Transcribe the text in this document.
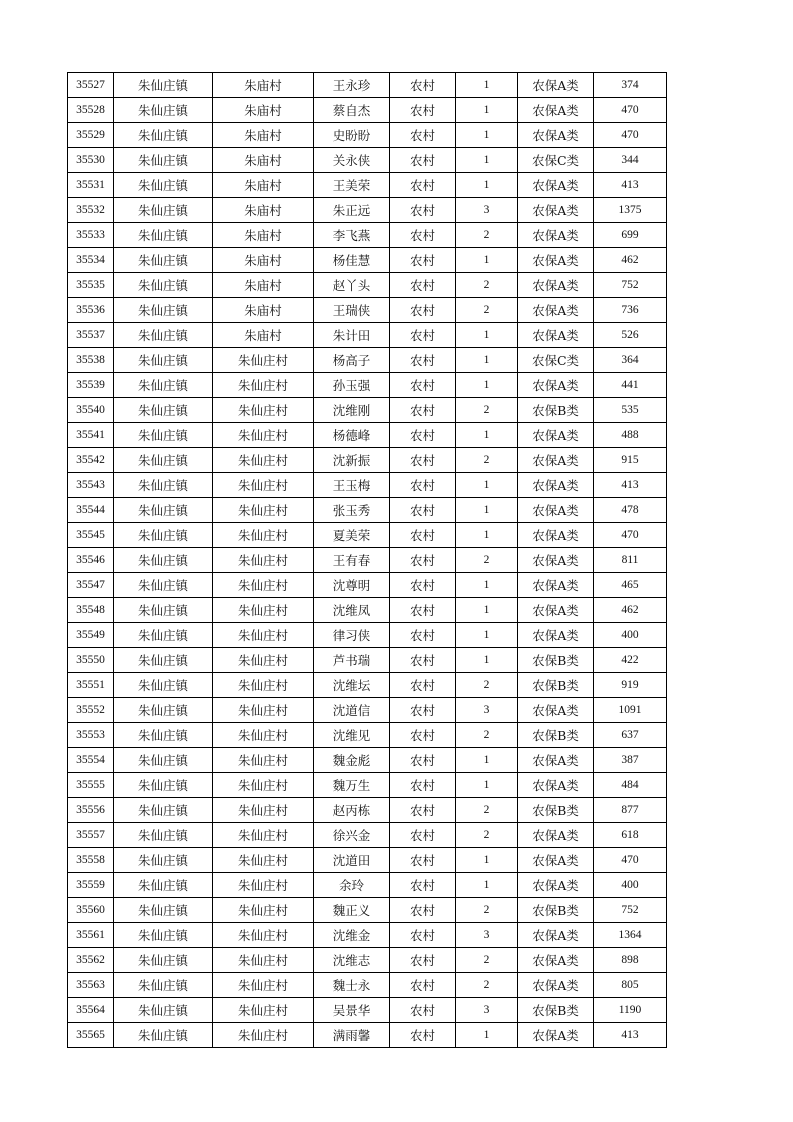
35527	朱仙庄镇	朱庙村	王永珍	农村	1	农保A类	374
35528	朱仙庄镇	朱庙村	蔡自杰	农村	1	农保A类	470
35529	朱仙庄镇	朱庙村	史盼盼	农村	1	农保A类	470
35530	朱仙庄镇	朱庙村	关永侠	农村	1	农保C类	344
35531	朱仙庄镇	朱庙村	王美荣	农村	1	农保A类	413
35532	朱仙庄镇	朱庙村	朱正远	农村	3	农保A类	1375
35533	朱仙庄镇	朱庙村	李飞燕	农村	2	农保A类	699
35534	朱仙庄镇	朱庙村	杨佳慧	农村	1	农保A类	462
35535	朱仙庄镇	朱庙村	赵丫头	农村	2	农保A类	752
35536	朱仙庄镇	朱庙村	王瑞侠	农村	2	农保A类	736
35537	朱仙庄镇	朱庙村	朱计田	农村	1	农保A类	526
35538	朱仙庄镇	朱仙庄村	杨高子	农村	1	农保C类	364
35539	朱仙庄镇	朱仙庄村	孙玉强	农村	1	农保A类	441
35540	朱仙庄镇	朱仙庄村	沈维刚	农村	2	农保B类	535
35541	朱仙庄镇	朱仙庄村	杨德峰	农村	1	农保A类	488
35542	朱仙庄镇	朱仙庄村	沈新振	农村	2	农保A类	915
35543	朱仙庄镇	朱仙庄村	王玉梅	农村	1	农保A类	413
35544	朱仙庄镇	朱仙庄村	张玉秀	农村	1	农保A类	478
35545	朱仙庄镇	朱仙庄村	夏美荣	农村	1	农保A类	470
35546	朱仙庄镇	朱仙庄村	王有春	农村	2	农保A类	811
35547	朱仙庄镇	朱仙庄村	沈尊明	农村	1	农保A类	465
35548	朱仙庄镇	朱仙庄村	沈维凤	农村	1	农保A类	462
35549	朱仙庄镇	朱仙庄村	律习侠	农村	1	农保A类	400
35550	朱仙庄镇	朱仙庄村	芦书瑞	农村	1	农保B类	422
35551	朱仙庄镇	朱仙庄村	沈维坛	农村	2	农保B类	919
35552	朱仙庄镇	朱仙庄村	沈道信	农村	3	农保A类	1091
35553	朱仙庄镇	朱仙庄村	沈维见	农村	2	农保B类	637
35554	朱仙庄镇	朱仙庄村	魏金彪	农村	1	农保A类	387
35555	朱仙庄镇	朱仙庄村	魏万生	农村	1	农保A类	484
35556	朱仙庄镇	朱仙庄村	赵丙栋	农村	2	农保B类	877
35557	朱仙庄镇	朱仙庄村	徐兴金	农村	2	农保A类	618
35558	朱仙庄镇	朱仙庄村	沈道田	农村	1	农保A类	470
35559	朱仙庄镇	朱仙庄村	余玲	农村	1	农保A类	400
35560	朱仙庄镇	朱仙庄村	魏正义	农村	2	农保B类	752
35561	朱仙庄镇	朱仙庄村	沈维金	农村	3	农保A类	1364
35562	朱仙庄镇	朱仙庄村	沈维志	农村	2	农保A类	898
35563	朱仙庄镇	朱仙庄村	魏士永	农村	2	农保A类	805
35564	朱仙庄镇	朱仙庄村	吴景华	农村	3	农保B类	1190
35565	朱仙庄镇	朱仙庄村	满雨馨	农村	1	农保A类	413
